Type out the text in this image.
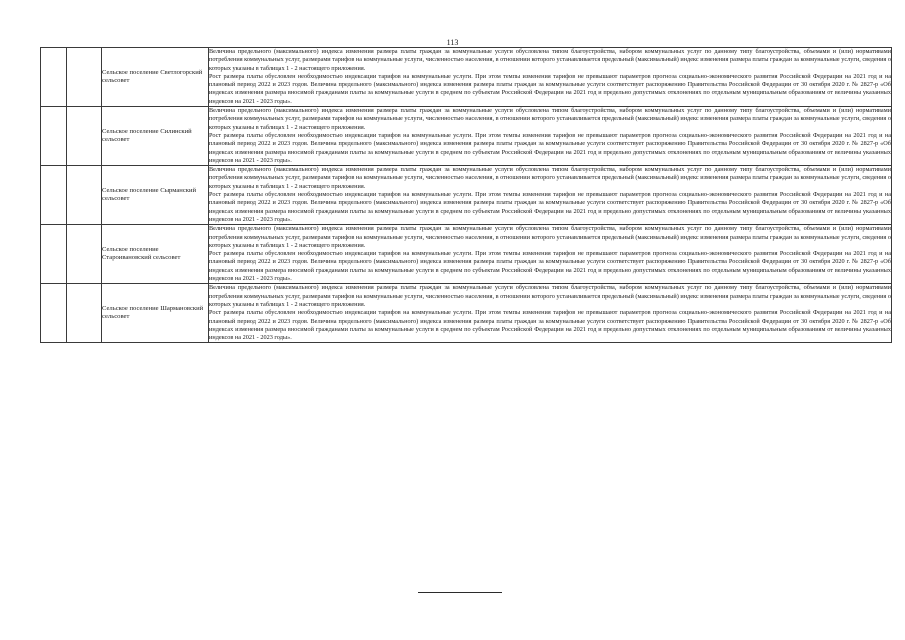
113
		Сельское поселение Светлогорский сельсовет	Величина предельного (максимального) индекса изменения размера платы граждан за коммунальные услуги обусловлена типом благоустройства, набором коммунальных услуг по данному типу благоустройства, объемами и (или) нормативами потребления коммунальных услуг, размерами тарифов на коммунальные услуги, численностью населения, в отношении которого устанавливается предельный (максимальный) индекс изменения размера платы граждан за коммунальные услуги, сведения о которых указаны в таблицах 1 - 2 настоящего приложения.

Рост размера платы обусловлен необходимостью индексации тарифов на коммунальные услуги. При этом темпы изменения тарифов не превышают параметров прогноза социально-экономического развития Российской Федерации на 2021 год и на плановый период 2022 и 2023 годов. Величина предельного (максимального) индекса изменения размера платы граждан за коммунальные услуги соответствует распоряжению Правительства Российской Федерации от 30 октября 2020 г. № 2827-р «Об индексах изменения размера вносимой гражданами платы за коммунальные услуги в среднем по субъектам Российской Федерации на 2021 год и предельно допустимых отклонениях по отдельным муниципальным образованиям от величины указанных индексов на 2021 - 2023 годы».

		Сельское поселение Силинский сельсовет	Величина предельного (максимального) индекса изменения размера платы граждан за коммунальные услуги обусловлена типом благоустройства, набором коммунальных услуг по данному типу благоустройства, объемами и (или) нормативами потребления коммунальных услуг, размерами тарифов на коммунальные услуги, численностью населения, в отношении которого устанавливается предельный (максимальный) индекс изменения размера платы граждан за коммунальные услуги, сведения о которых указаны в таблицах 1 - 2 настоящего приложения.

Рост размера платы обусловлен необходимостью индексации тарифов на коммунальные услуги. При этом темпы изменения тарифов не превышают параметров прогноза социально-экономического развития Российской Федерации на 2021 год и на плановый период 2022 и 2023 годов. Величина предельного (максимального) индекса изменения размера платы граждан за коммунальные услуги соответствует распоряжению Правительства Российской Федерации от 30 октября 2020 г. № 2827-р «Об индексах изменения размера вносимой гражданами платы за коммунальные услуги в среднем по субъектам Российской Федерации на 2021 год и предельно допустимых отклонениях по отдельным муниципальным образованиям от величины указанных индексов на 2021 - 2023 годы».

		Сельское поселение Сырманский сельсовет	Величина предельного (максимального) индекса изменения размера платы граждан за коммунальные услуги обусловлена типом благоустройства, набором коммунальных услуг по данному типу благоустройства, объемами и (или) нормативами потребления коммунальных услуг, размерами тарифов на коммунальные услуги, численностью населения, в отношении которого устанавливается предельный (максимальный) индекс изменения размера платы граждан за коммунальные услуги, сведения о которых указаны в таблицах 1 - 2 настоящего приложения.

Рост размера платы обусловлен необходимостью индексации тарифов на коммунальные услуги. При этом темпы изменения тарифов не превышают параметров прогноза социально-экономического развития Российской Федерации на 2021 год и на плановый период 2022 и 2023 годов. Величина предельного (максимального) индекса изменения размера платы граждан за коммунальные услуги соответствует распоряжению Правительства Российской Федерации от 30 октября 2020 г. № 2827-р «Об индексах изменения размера вносимой гражданами платы за коммунальные услуги в среднем по субъектам Российской Федерации на 2021 год и предельно допустимых отклонениях по отдельным муниципальным образованиям от величины указанных индексов на 2021 - 2023 годы».

		Сельское поселение Староивановский сельсовет	Величина предельного (максимального) индекса изменения размера платы граждан за коммунальные услуги обусловлена типом благоустройства, набором коммунальных услуг по данному типу благоустройства, объемами и (или) нормативами потребления коммунальных услуг, размерами тарифов на коммунальные услуги, численностью населения, в отношении которого устанавливается предельный (максимальный) индекс изменения размера платы граждан за коммунальные услуги, сведения о которых указаны в таблицах 1 - 2 настоящего приложения.

Рост размера платы обусловлен необходимостью индексации тарифов на коммунальные услуги. При этом темпы изменения тарифов не превышают параметров прогноза социально-экономического развития Российской Федерации на 2021 год и на плановый период 2022 и 2023 годов. Величина предельного (максимального) индекса изменения размера платы граждан за коммунальные услуги соответствует распоряжению Правительства Российской Федерации от 30 октября 2020 г. № 2827-р «Об индексах изменения размера вносимой гражданами платы за коммунальные услуги в среднем по субъектам Российской Федерации на 2021 год и предельно допустимых отклонениях по отдельным муниципальным образованиям от величины указанных индексов на 2021 - 2023 годы».

		Сельское поселение Шармановский сельсовет	Величина предельного (максимального) индекса изменения размера платы граждан за коммунальные услуги обусловлена типом благоустройства, набором коммунальных услуг по данному типу благоустройства, объемами и (или) нормативами потребления коммунальных услуг, размерами тарифов на коммунальные услуги, численностью населения, в отношении которого устанавливается предельный (максимальный) индекс изменения размера платы граждан за коммунальные услуги, сведения о которых указаны в таблицах 1 - 2 настоящего приложения.

Рост размера платы обусловлен необходимостью индексации тарифов на коммунальные услуги. При этом темпы изменения тарифов не превышают параметров прогноза социально-экономического развития Российской Федерации на 2021 год и на плановый период 2022 и 2023 годов. Величина предельного (максимального) индекса изменения размера платы граждан за коммунальные услуги соответствует распоряжению Правительства Российской Федерации от 30 октября 2020 г. № 2827-р «Об индексах изменения размера вносимой гражданами платы за коммунальные услуги в среднем по субъектам Российской Федерации на 2021 год и предельно допустимых отклонениях по отдельным муниципальным образованиям от величины указанных индексов на 2021 - 2023 годы».
